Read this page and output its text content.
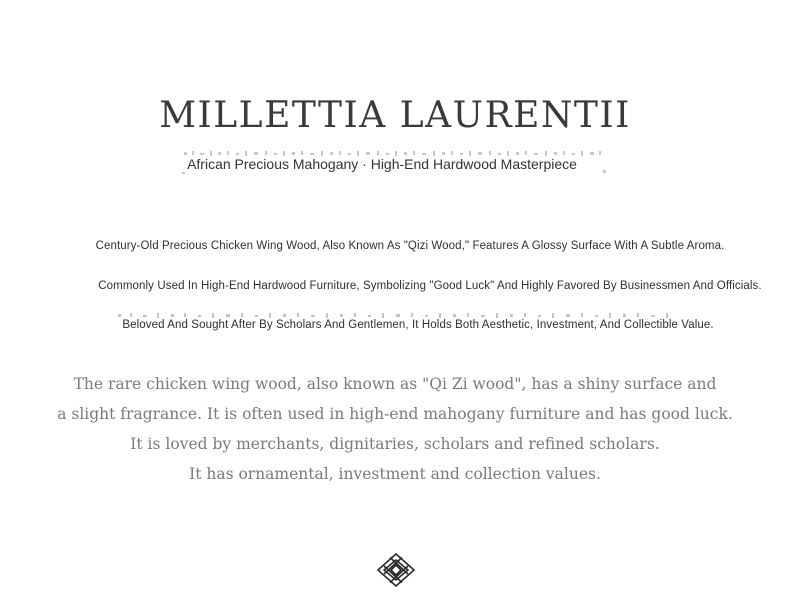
MILLETTIA LAURENTII
African Precious Mahogany · High-End Hardwood Masterpiece
Century-Old Precious Chicken Wing Wood, Also Known As "Qizi Wood," Features A Glossy Surface With A Subtle Aroma.
Commonly Used In High-End Hardwood Furniture, Symbolizing "Good Luck" And Highly Favored By Businessmen And Officials.
Beloved And Sought After By Scholars And Gentlemen, It Holds Both Aesthetic, Investment, And Collectible Value.
The rare chicken wing wood, also known as "Qi Zi wood", has a shiny surface and
a slight fragrance. It is often used in high-end mahogany furniture and has good luck.
It is loved by merchants, dignitaries, scholars and refined scholars.
It has ornamental, investment and collection values.
